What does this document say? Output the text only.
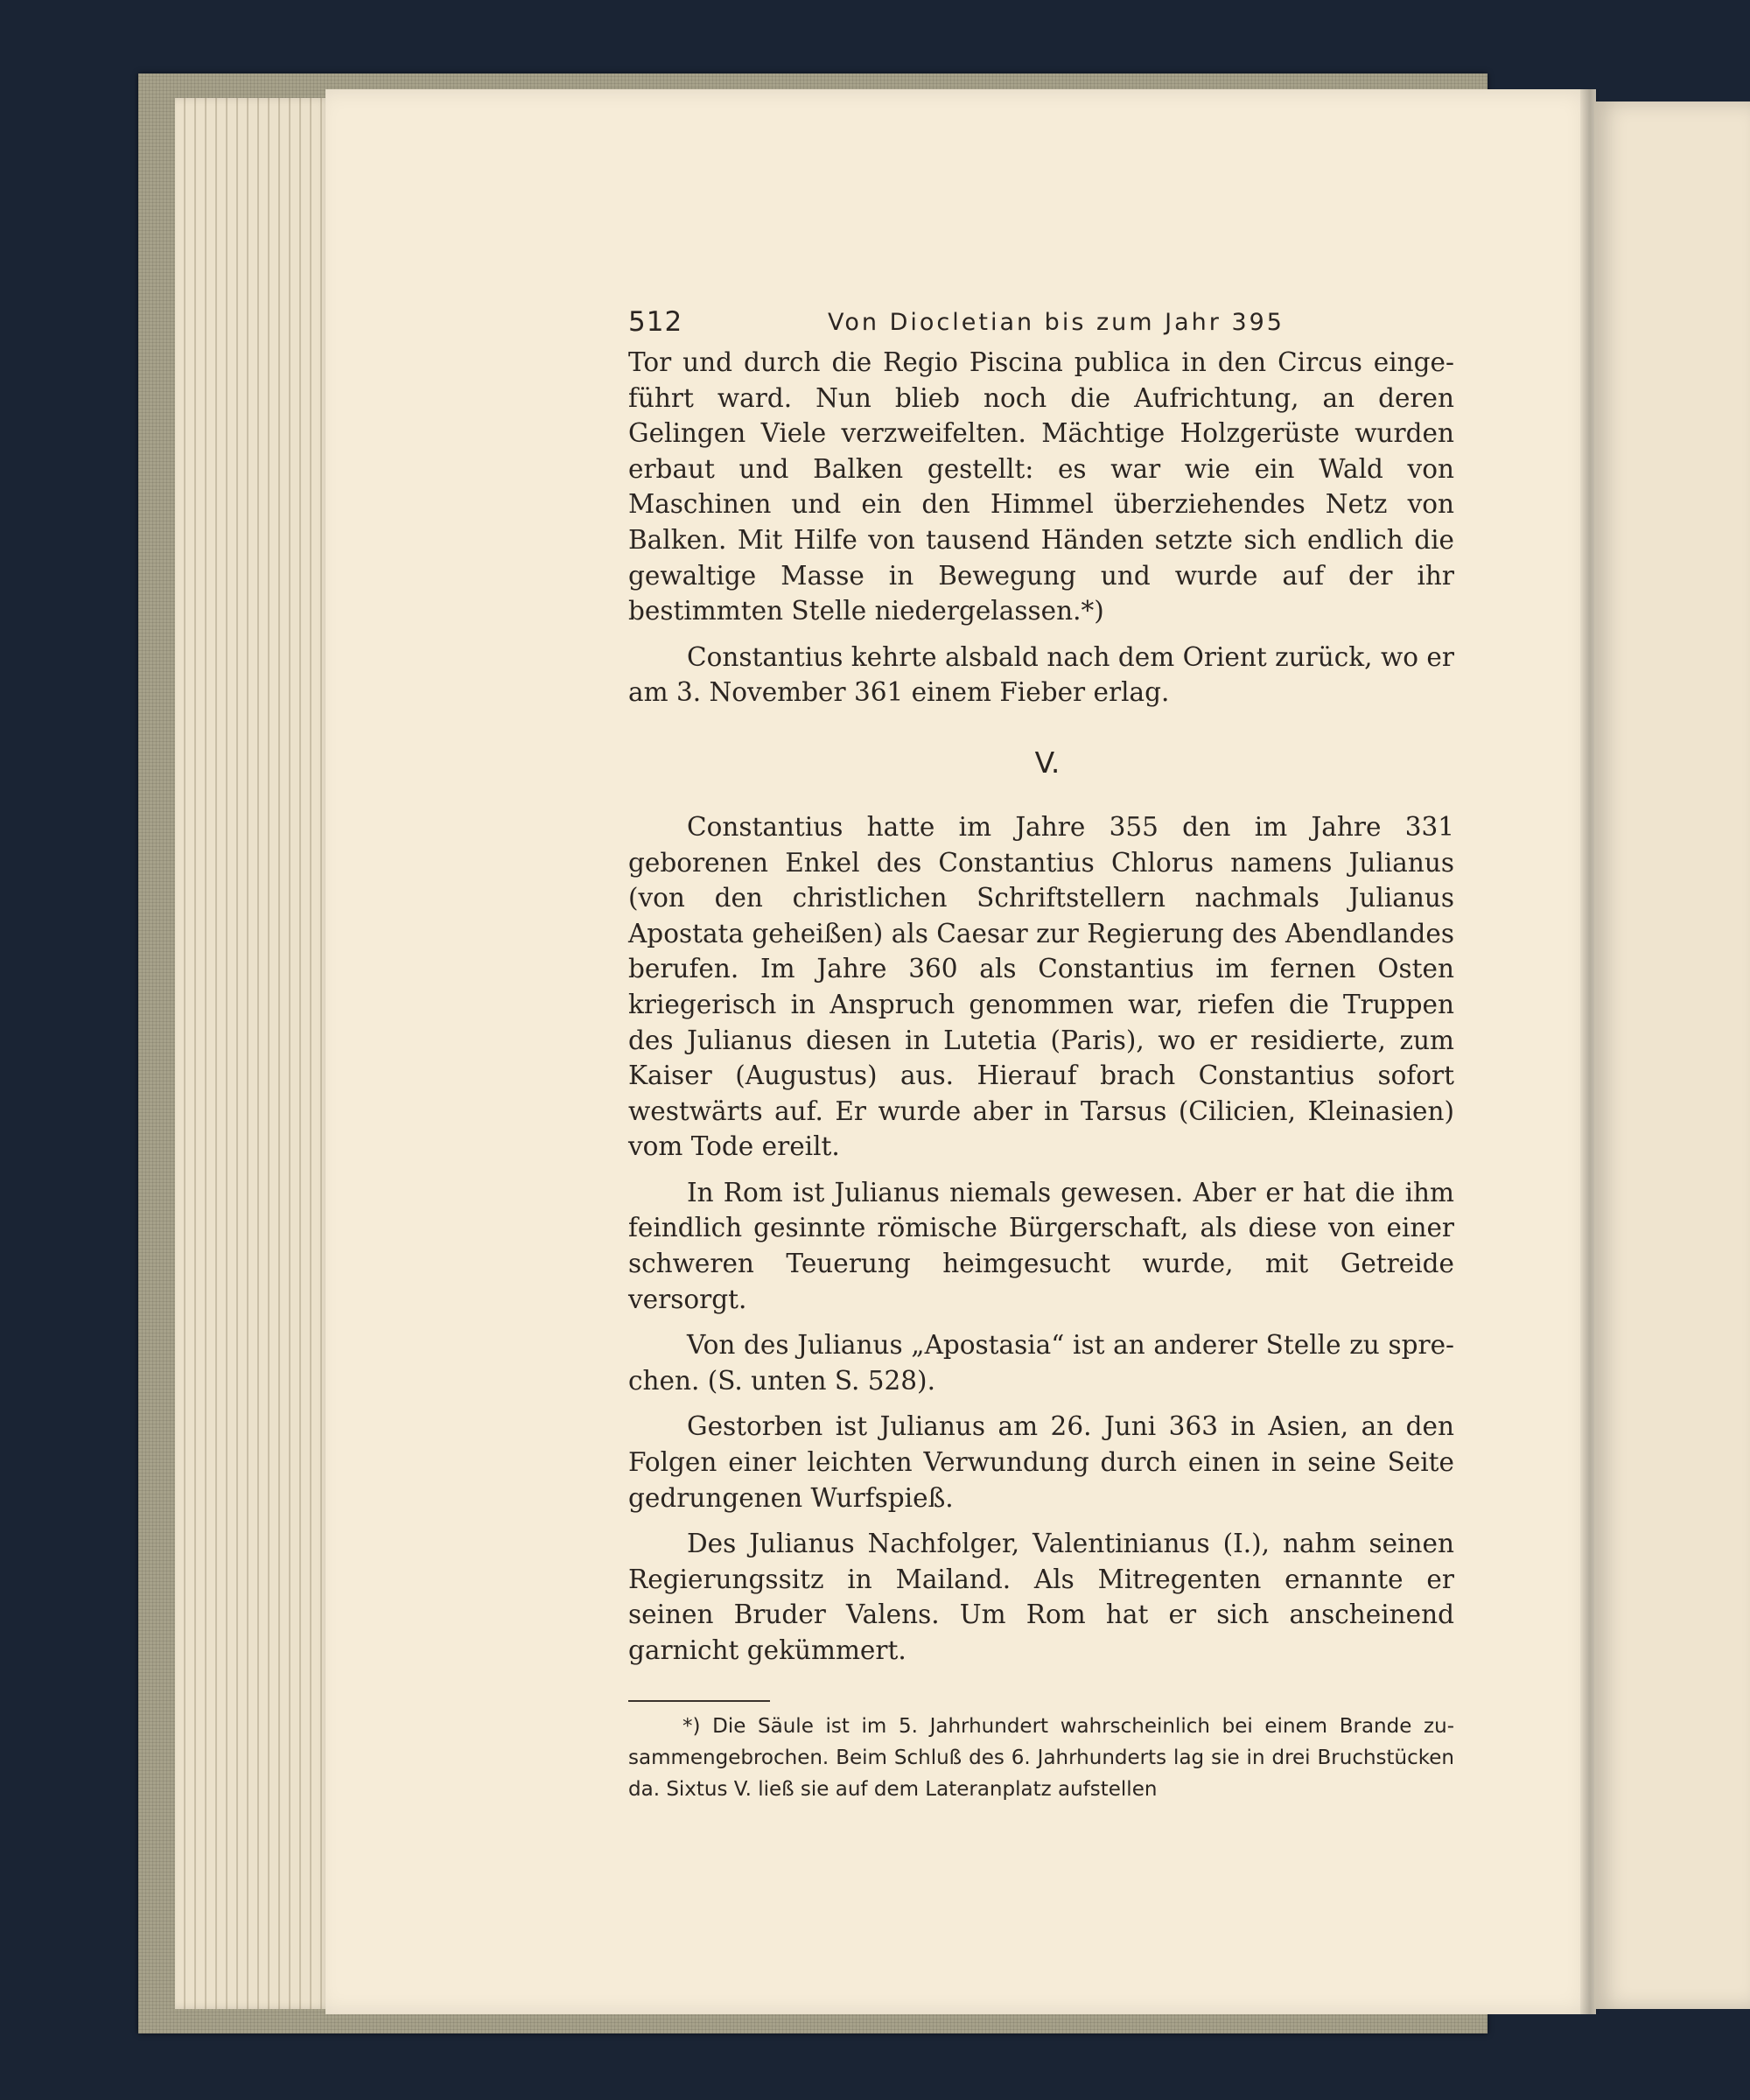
512	Von Diocletian bis zum Jahr 395

Tor und durch die Regio Piscina publica in den Circus eingeführt ward. Nun blieb noch die Aufrichtung, an deren Gelingen Viele verzweifelten. Mächtige Holzgerüste wurden erbaut und Balken gestellt: es war wie ein Wald von Maschinen und ein den Himmel überziehendes Netz von Balken. Mit Hilfe von tausend Händen setzte sich endlich die gewaltige Masse in Bewegung und wurde auf der ihr bestimmten Stelle niedergelassen.*)

Constantius kehrte alsbald nach dem Orient zurück, wo er am 3. November 361 einem Fieber erlag.

V.

Constantius hatte im Jahre 355 den im Jahre 331 geborenen Enkel des Constantius Chlorus namens Julianus (von den christlichen Schriftstellern nachmals Julianus Apostata geheißen) als Caesar zur Regierung des Abendlandes berufen. Im Jahre 360 als Constantius im fernen Osten kriegerisch in Anspruch genommen war, riefen die Truppen des Julianus diesen in Lutetia (Paris), wo er residierte, zum Kaiser (Augustus) aus. Hierauf brach Constantius sofort westwärts auf. Er wurde aber in Tarsus (Cilicien, Kleinasien) vom Tode ereilt.

In Rom ist Julianus niemals gewesen. Aber er hat die ihm feindlich gesinnte römische Bürgerschaft, als diese von einer schweren Teuerung heimgesucht wurde, mit Getreide versorgt.

Von des Julianus „Apostasia“ ist an anderer Stelle zu sprechen. (S. unten S. 528).

Gestorben ist Julianus am 26. Juni 363 in Asien, an den Folgen einer leichten Verwundung durch einen in seine Seite gedrungenen Wurfspieß.

Des Julianus Nachfolger, Valentinianus (I.), nahm seinen Regierungssitz in Mailand. Als Mitregenten ernannte er seinen Bruder Valens. Um Rom hat er sich anscheinend garnicht gekümmert.

*) Die Säule ist im 5. Jahrhundert wahrscheinlich bei einem Brande zusammengebrochen. Beim Schluß des 6. Jahrhunderts lag sie in drei Bruchstücken da. Sixtus V. ließ sie auf dem Lateranplatz aufstellen
